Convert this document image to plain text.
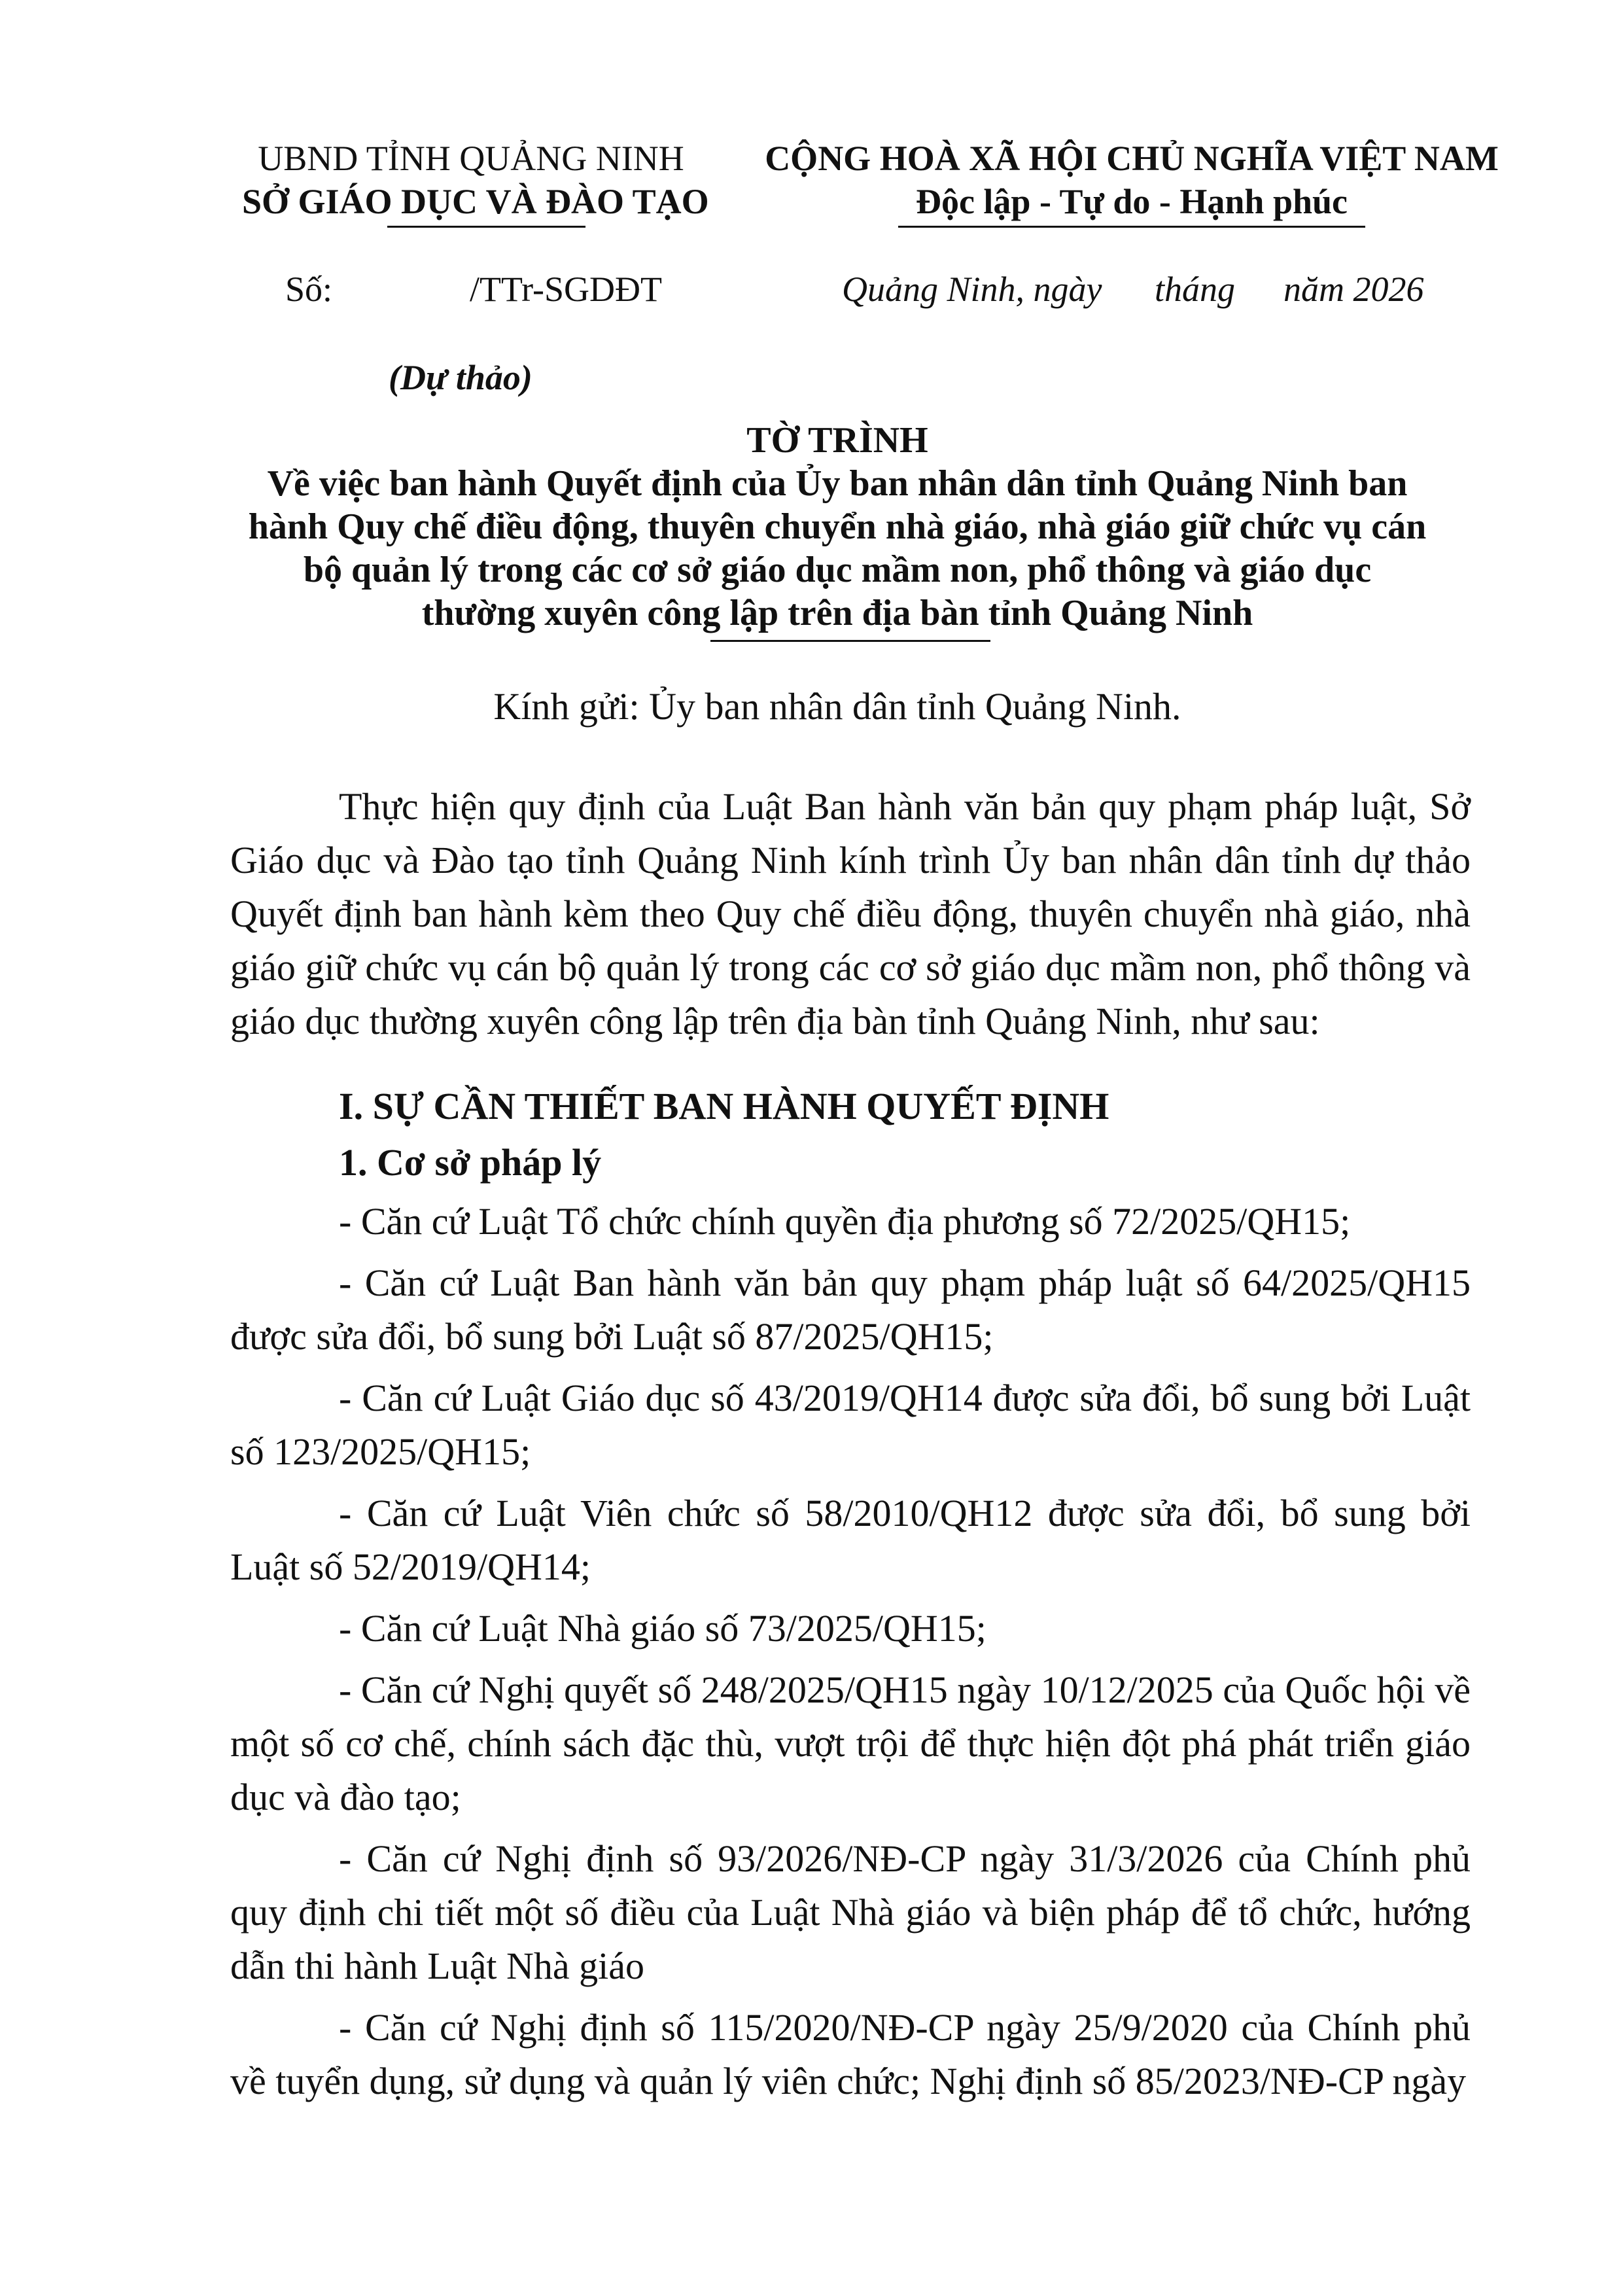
UBND TỈNH QUẢNG NINH
SỞ GIÁO DỤC VÀ ĐÀO TẠO
CỘNG HOÀ XÃ HỘI CHỦ NGHĨA VIỆT NAM
Độc lập - Tự do - Hạnh phúc
Số:	/TTr-SGDĐT	Quảng Ninh, ngày tháng năm 2026
(Dự thảo)
TỜ TRÌNH
Về việc ban hành Quyết định của Ủy ban nhân dân tỉnh Quảng Ninh ban
hành Quy chế điều động, thuyên chuyển nhà giáo, nhà giáo giữ chức vụ cán
bộ quản lý trong các cơ sở giáo dục mầm non, phổ thông và giáo dục
thường xuyên công lập trên địa bàn tỉnh Quảng Ninh
Kính gửi: Ủy ban nhân dân tỉnh Quảng Ninh.
Thực hiện quy định của Luật Ban hành văn bản quy phạm pháp luật, Sở Giáo dục và Đào tạo tỉnh Quảng Ninh kính trình Ủy ban nhân dân tỉnh dự thảo Quyết định ban hành kèm theo Quy chế điều động, thuyên chuyển nhà giáo, nhà giáo giữ chức vụ cán bộ quản lý trong các cơ sở giáo dục mầm non, phổ thông và giáo dục thường xuyên công lập trên địa bàn tỉnh Quảng Ninh, như sau:
I. SỰ CẦN THIẾT BAN HÀNH QUYẾT ĐỊNH
1. Cơ sở pháp lý
- Căn cứ Luật Tổ chức chính quyền địa phương số 72/2025/QH15;
- Căn cứ Luật Ban hành văn bản quy phạm pháp luật số 64/2025/QH15 được sửa đổi, bổ sung bởi Luật số 87/2025/QH15;
- Căn cứ Luật Giáo dục số 43/2019/QH14 được sửa đổi, bổ sung bởi Luật số 123/2025/QH15;
- Căn cứ Luật Viên chức số 58/2010/QH12 được sửa đổi, bổ sung bởi Luật số 52/2019/QH14;
- Căn cứ Luật Nhà giáo số 73/2025/QH15;
- Căn cứ Nghị quyết số 248/2025/QH15 ngày 10/12/2025 của Quốc hội về một số cơ chế, chính sách đặc thù, vượt trội để thực hiện đột phá phát triển giáo dục và đào tạo;
- Căn cứ Nghị định số 93/2026/NĐ-CP ngày 31/3/2026 của Chính phủ quy định chi tiết một số điều của Luật Nhà giáo và biện pháp để tổ chức, hướng dẫn thi hành Luật Nhà giáo
- Căn cứ Nghị định số 115/2020/NĐ-CP ngày 25/9/2020 của Chính phủ về tuyển dụng, sử dụng và quản lý viên chức; Nghị định số 85/2023/NĐ-CP ngày
